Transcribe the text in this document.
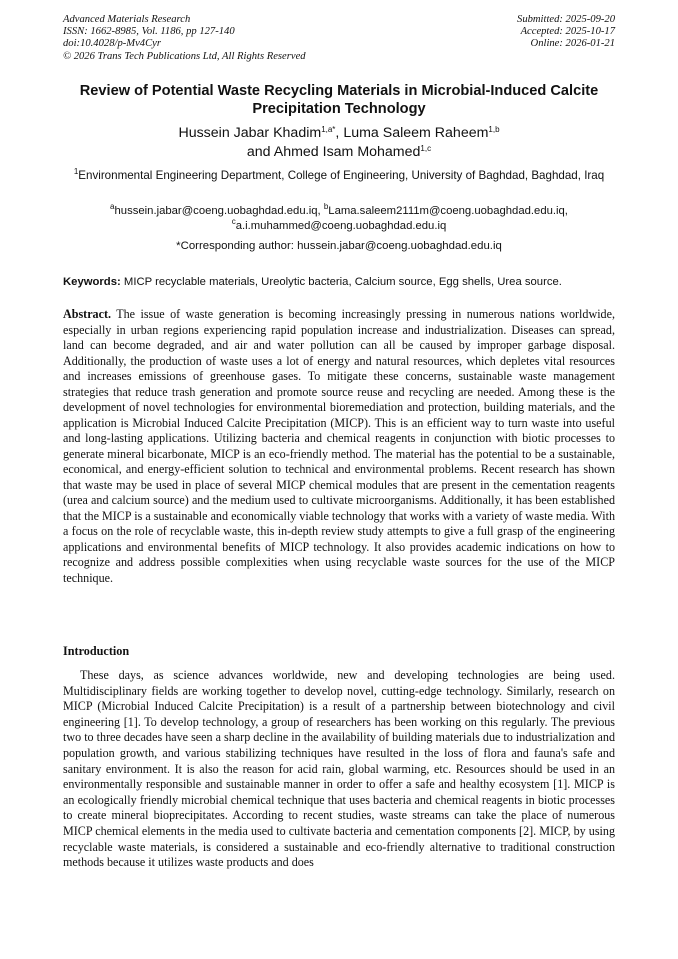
Advanced Materials Research
ISSN: 1662-8985, Vol. 1186, pp 127-140
doi:10.4028/p-Mv4Cyr
© 2026 Trans Tech Publications Ltd, All Rights Reserved
Submitted: 2025-09-20
Accepted: 2025-10-17
Online: 2026-01-21
Review of Potential Waste Recycling Materials in Microbial-Induced Calcite Precipitation Technology
Hussein Jabar Khadim$^{1,a*}$, Luma Saleem Raheem$^{1,b}$
and Ahmed Isam Mohamed$^{1,c}$
$^1$Environmental Engineering Department, College of Engineering, University of Baghdad, Baghdad, Iraq
$^a$hussein.jabar@coeng.uobaghdad.edu.iq, $^b$Lama.saleem2111m@coeng.uobaghdad.edu.iq,
$^c$a.i.muhammed@coeng.uobaghdad.edu.iq
*Corresponding author: hussein.jabar@coeng.uobaghdad.edu.iq
Keywords: MICP recyclable materials, Ureolytic bacteria, Calcium source, Egg shells, Urea source.
Abstract. The issue of waste generation is becoming increasingly pressing in numerous nations worldwide, especially in urban regions experiencing rapid population increase and industrialization. Diseases can spread, land can become degraded, and air and water pollution can all be caused by improper garbage disposal. Additionally, the production of waste uses a lot of energy and natural resources, which depletes vital resources and increases emissions of greenhouse gases. To mitigate these concerns, sustainable waste management strategies that reduce trash generation and promote source reuse and recycling are needed. Among these is the development of novel technologies for environmental bioremediation and protection, building materials, and the application is Microbial Induced Calcite Precipitation (MICP). This is an efficient way to turn waste into useful and long-lasting applications. Utilizing bacteria and chemical reagents in conjunction with biotic processes to generate mineral bicarbonate, MICP is an eco-friendly method. The material has the potential to be a sustainable, economical, and energy-efficient solution to technical and environmental problems. Recent research has shown that waste may be used in place of several MICP chemical modules that are present in the cementation reagents (urea and calcium source) and the medium used to cultivate microorganisms. Additionally, it has been established that the MICP is a sustainable and economically viable technology that works with a variety of waste media. With a focus on the role of recyclable waste, this in-depth review study attempts to give a full grasp of the engineering applications and environmental benefits of MICP technology. It also provides academic indications on how to recognize and address possible complexities when using recyclable waste sources for the use of the MICP technique.
Introduction
These days, as science advances worldwide, new and developing technologies are being used. Multidisciplinary fields are working together to develop novel, cutting-edge technology. Similarly, research on MICP (Microbial Induced Calcite Precipitation) is a result of a partnership between biotechnology and civil engineering [1]. To develop technology, a group of researchers has been working on this regularly. The previous two to three decades have seen a sharp decline in the availability of building materials due to industrialization and population growth, and various stabilizing techniques have resulted in the loss of flora and fauna's safe and sanitary environment. It is also the reason for acid rain, global warming, etc. Resources should be used in an environmentally responsible and sustainable manner in order to offer a safe and healthy ecosystem [1]. MICP is an ecologically friendly microbial chemical technique that uses bacteria and chemical reagents in biotic processes to create mineral bioprecipitates. According to recent studies, waste streams can take the place of numerous MICP chemical elements in the media used to cultivate bacteria and cementation components [2]. MICP, by using recyclable waste materials, is considered a sustainable and eco-friendly alternative to traditional construction methods because it utilizes waste products and does
